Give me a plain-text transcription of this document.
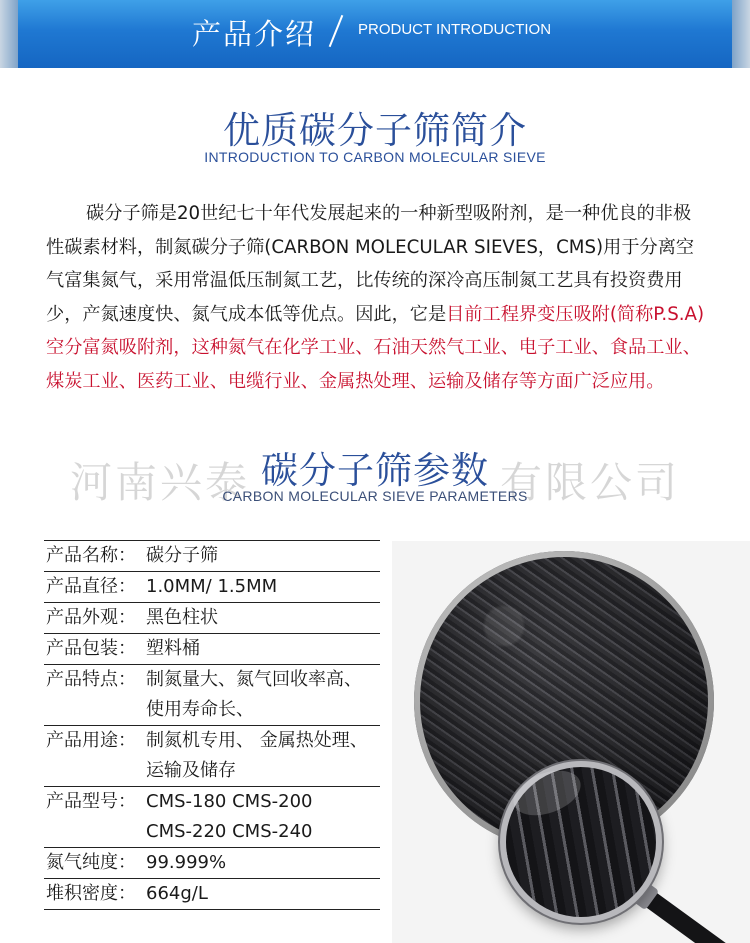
产品介绍	PRODUCT INTRODUCTION
优质碳分子筛简介
INTRODUCTION TO CARBON MOLECULAR SIEVE
碳分子筛是20世纪七十年代发展起来的一种新型吸附剂，是一种优良的非极性碳素材料，制氮碳分子筛(CARBON MOLECULAR SIEVES，CMS)用于分离空气富集氮气，采用常温低压制氮工艺，比传统的深冷高压制氮工艺具有投资费用少，产氮速度快、氮气成本低等优点。因此，它是目前工程界变压吸附(简称P.S.A)空分富氮吸附剂，这种氮气在化学工业、石油天然气工业、电子工业、食品工业、煤炭工业、医药工业、电缆行业、金属热处理、运输及储存等方面广泛应用。
河南兴泰	有限公司
碳分子筛参数
CARBON MOLECULAR SIEVE PARAMETERS
产品名称： 碳分子筛
产品直径： 1.0MM/ 1.5MM
产品外观： 黑色柱状
产品包装： 塑料桶
产品特点： 制氮量大、氮气回收率高、
使用寿命长、
产品用途： 制氮机专用、 金属热处理、
运输及储存
产品型号： CMS-180 CMS-200
CMS-220 CMS-240
氮气纯度： 99.999%
堆积密度： 664g/L
